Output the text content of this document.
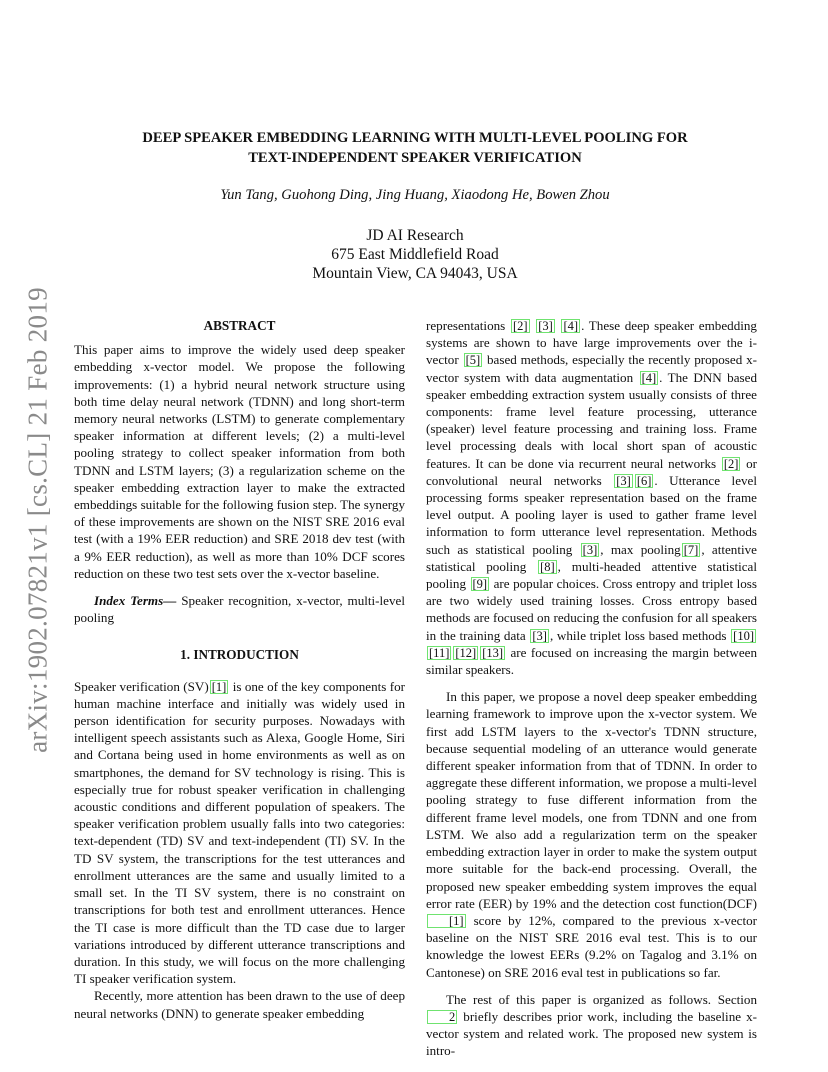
arXiv:1902.07821v1 [cs.CL] 21 Feb 2019
DEEP SPEAKER EMBEDDING LEARNING WITH MULTI-LEVEL POOLING FOR
TEXT-INDEPENDENT SPEAKER VERIFICATION
Yun Tang, Guohong Ding, Jing Huang, Xiaodong He, Bowen Zhou
JD AI Research
675 East Middlefield Road
Mountain View, CA 94043, USA
ABSTRACT

This paper aims to improve the widely used deep speaker embedding x-vector model. We propose the following improvements: (1) a hybrid neural network structure using both time delay neural network (TDNN) and long short-term memory neural networks (LSTM) to generate complementary speaker information at different levels; (2) a multi-level pooling strategy to collect speaker information from both TDNN and LSTM layers; (3) a regularization scheme on the speaker embedding extraction layer to make the extracted embeddings suitable for the following fusion step. The synergy of these improvements are shown on the NIST SRE 2016 eval test (with a 19% EER reduction) and SRE 2018 dev test (with a 9% EER reduction), as well as more than 10% DCF scores reduction on these two test sets over the x-vector baseline.

Index Terms— Speaker recognition, x-vector, multi-level pooling

1. INTRODUCTION

Speaker verification (SV) [1] is one of the key components for human machine interface and initially was widely used in person identification for security purposes. Nowadays with intelligent speech assistants such as Alexa, Google Home, Siri and Cortana being used in home environments as well as on smartphones, the demand for SV technology is rising. This is especially true for robust speaker verification in challenging acoustic conditions and different population of speakers. The speaker verification problem usually falls into two categories: text-dependent (TD) SV and text-independent (TI) SV. In the TD SV system, the transcriptions for the test utterances and enrollment utterances are the same and usually limited to a small set. In the TI SV system, there is no constraint on transcriptions for both test and enrollment utterances. Hence the TI case is more difficult than the TD case due to larger variations introduced by different utterance transcriptions and duration. In this study, we will focus on the more challenging TI speaker verification system.

Recently, more attention has been drawn to the use of deep neural networks (DNN) to generate speaker embedding

representations [2] [3] [4] . These deep speaker embedding systems are shown to have large improvements over the i-vector [5] based methods, especially the recently proposed x-vector system with data augmentation [4] . The DNN based speaker embedding extraction system usually consists of three components: frame level feature processing, utterance (speaker) level feature processing and training loss. Frame level processing deals with local short span of acoustic features. It can be done via recurrent neural networks [2] or convolutional neural networks [3] [6] . Utterance level processing forms speaker representation based on the frame level output. A pooling layer is used to gather frame level information to form utterance level representation. Methods such as statistical pooling [3] , max pooling [7] , attentive statistical pooling [8] , multi-headed attentive statistical pooling [9] are popular choices. Cross entropy and triplet loss are two widely used training losses. Cross entropy based methods are focused on reducing the confusion for all speakers in the training data [3] , while triplet loss based methods [10][11] [12] [13] are focused on increasing the margin between similar speakers.

In this paper, we propose a novel deep speaker embedding learning framework to improve upon the x-vector system. We first add LSTM layers to the x-vector's TDNN structure, because sequential modeling of an utterance would generate different speaker information from that of TDNN. In order to aggregate these different information, we propose a multi-level pooling strategy to fuse different information from the different frame level models, one from TDNN and one from LSTM. We also add a regularization term on the speaker embedding extraction layer in order to make the system output more suitable for the back-end processing. Overall, the proposed new speaker embedding system improves the equal error rate (EER) by 19% and the detection cost function(DCF)[1] score by 12%, compared to the previous x-vector baseline on the NIST SRE 2016 eval test. This is to our knowledge the lowest EERs (9.2% on Tagalog and 3.1% on Cantonese) on SRE 2016 eval test in publications so far.

The rest of this paper is organized as follows. Section 2 briefly describes prior work, including the baseline x-vector system and related work. The proposed new system is intro-
